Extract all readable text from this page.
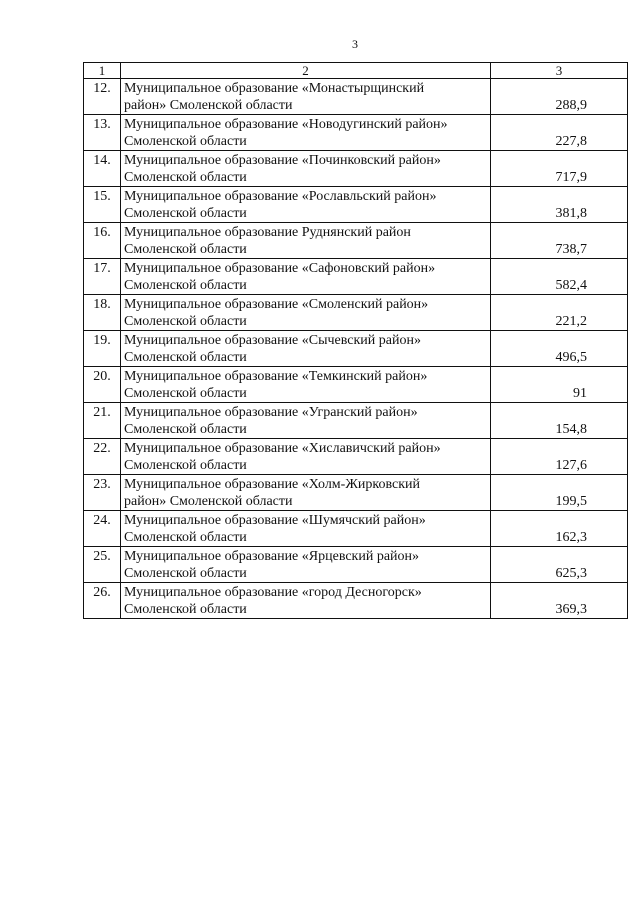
3
1	2	3
12.	Муниципальное образование «Монастырщинский
район» Смоленской области	288,9
13.	Муниципальное образование «Новодугинский район»
Смоленской области	227,8
14.	Муниципальное образование «Починковский район»
Смоленской области	717,9
15.	Муниципальное образование «Рославльский район»
Смоленской области	381,8
16.	Муниципальное образование Руднянский район
Смоленской области	738,7
17.	Муниципальное образование «Сафоновский район»
Смоленской области	582,4
18.	Муниципальное образование «Смоленский район»
Смоленской области	221,2
19.	Муниципальное образование «Сычевский район»
Смоленской области	496,5
20.	Муниципальное образование «Темкинский район»
Смоленской области	91
21.	Муниципальное образование «Угранский район»
Смоленской области	154,8
22.	Муниципальное образование «Хиславичский район»
Смоленской области	127,6
23.	Муниципальное образование «Холм-Жирковский
район» Смоленской области	199,5
24.	Муниципальное образование «Шумячский район»
Смоленской области	162,3
25.	Муниципальное образование «Ярцевский район»
Смоленской области	625,3
26.	Муниципальное образование «город Десногорск»
Смоленской области	369,3
